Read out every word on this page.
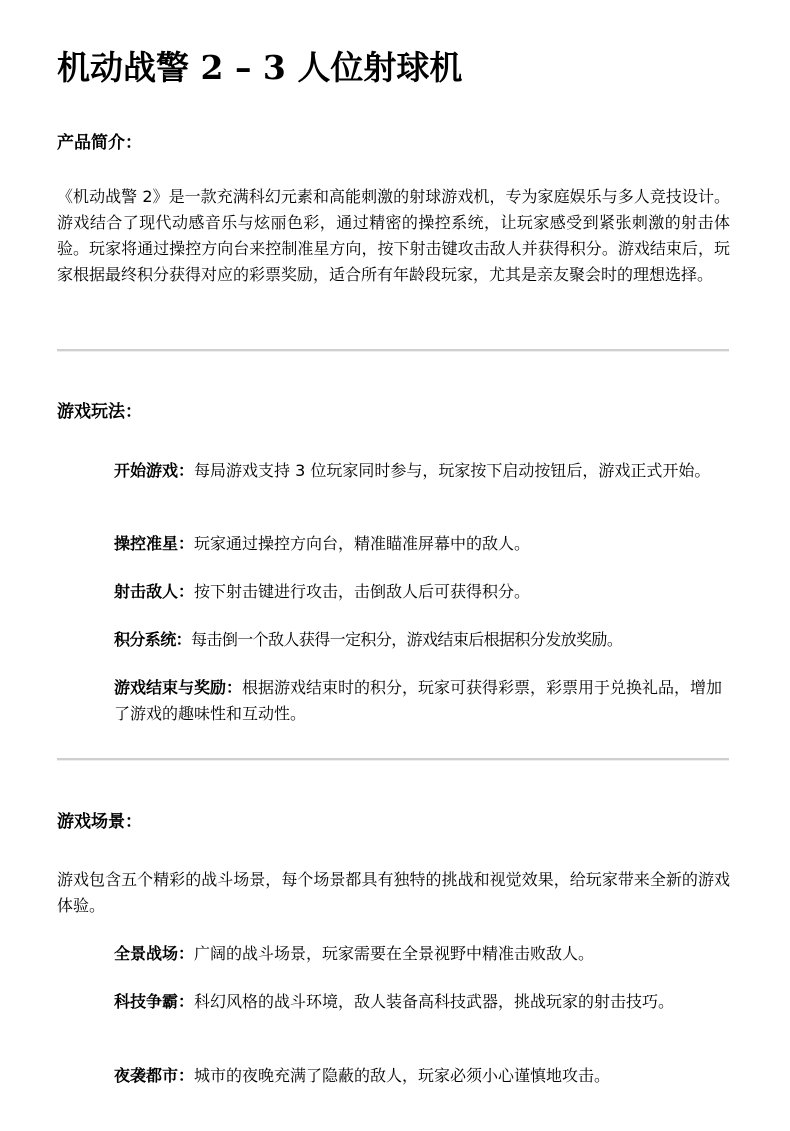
机动战警 2 – 3 人位射球机
产品简介：

《机动战警 2》是一款充满科幻元素和高能刺激的射球游戏机，专为家庭娱乐与多人竞技设计。游戏结合了现代动感音乐与炫丽色彩，通过精密的操控系统，让玩家感受到紧张刺激的射击体验。玩家将通过操控方向台来控制准星方向，按下射击键攻击敌人并获得积分。游戏结束后，玩家根据最终积分获得对应的彩票奖励，适合所有年龄段玩家，尤其是亲友聚会时的理想选择。

游戏玩法：

开始游戏：每局游戏支持 3 位玩家同时参与，玩家按下启动按钮后，游戏正式开始。

操控准星：玩家通过操控方向台，精准瞄准屏幕中的敌人。

射击敌人：按下射击键进行攻击，击倒敌人后可获得积分。

积分系统：每击倒一个敌人获得一定积分，游戏结束后根据积分发放奖励。

游戏结束与奖励：根据游戏结束时的积分，玩家可获得彩票，彩票用于兑换礼品，增加了游戏的趣味性和互动性。

游戏场景：

游戏包含五个精彩的战斗场景，每个场景都具有独特的挑战和视觉效果，给玩家带来全新的游戏体验。

全景战场：广阔的战斗场景，玩家需要在全景视野中精准击败敌人。

科技争霸：科幻风格的战斗环境，敌人装备高科技武器，挑战玩家的射击技巧。

夜袭都市：城市的夜晚充满了隐蔽的敌人，玩家必须小心谨慎地攻击。
